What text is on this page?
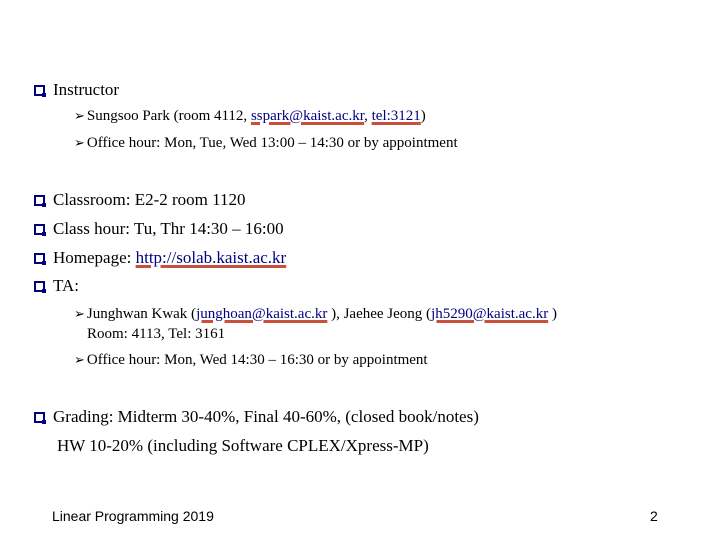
Instructor
➢ Sungsoo Park (room 4112, sspark@kaist.ac.kr, tel:3121)
➢ Office hour: Mon, Tue, Wed 13:00 – 14:30 or by appointment
Classroom: E2-2 room 1120
Class hour: Tu, Thr 14:30 – 16:00
Homepage: http://solab.kaist.ac.kr
TA:
➢ Junghwan Kwak (junghoan@kaist.ac.kr ), Jaehee Jeong (jh5290@kaist.ac.kr )
Room: 4113, Tel: 3161
➢ Office hour: Mon, Wed 14:30 – 16:30 or by appointment
Grading: Midterm 30-40%, Final 40-60%, (closed book/notes)
HW 10-20% (including Software CPLEX/Xpress-MP)
Linear Programming 2019	2
